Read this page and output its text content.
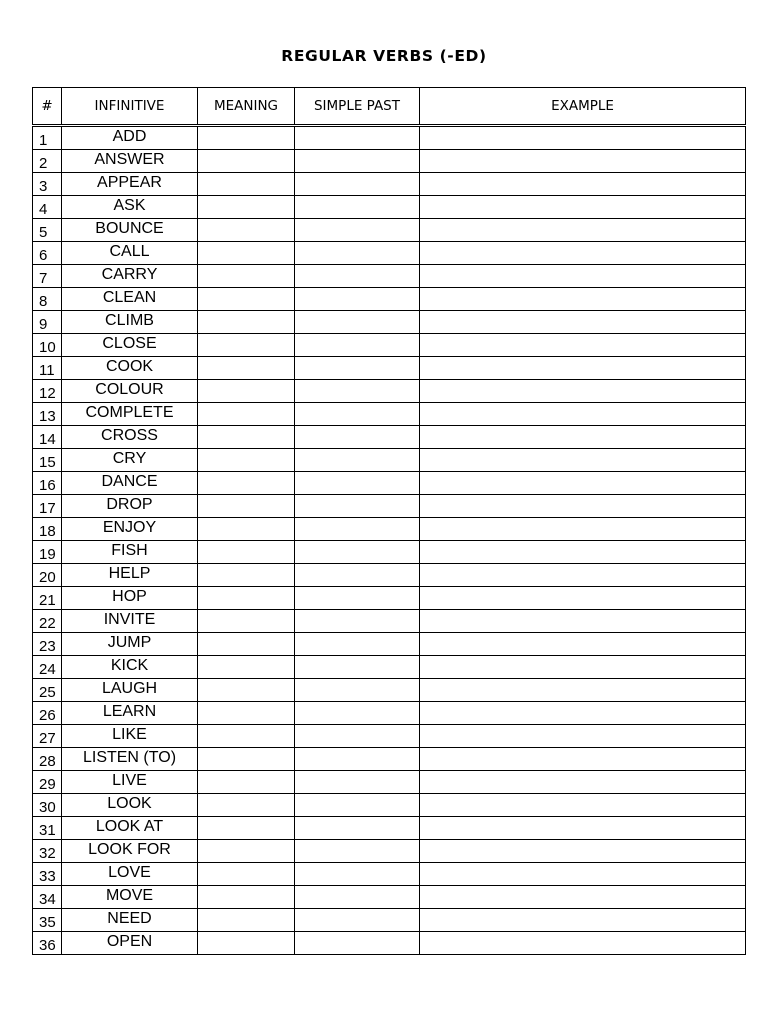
REGULAR VERBS (-ED)
#	INFINITIVE	MEANING	SIMPLE PAST	EXAMPLE
1	ADD			
2	ANSWER			
3	APPEAR			
4	ASK			
5	BOUNCE			
6	CALL			
7	CARRY			
8	CLEAN			
9	CLIMB			
10	CLOSE			
11	COOK			
12	COLOUR			
13	COMPLETE			
14	CROSS			
15	CRY			
16	DANCE			
17	DROP			
18	ENJOY			
19	FISH			
20	HELP			
21	HOP			
22	INVITE			
23	JUMP			
24	KICK			
25	LAUGH			
26	LEARN			
27	LIKE			
28	LISTEN (TO)			
29	LIVE			
30	LOOK			
31	LOOK AT			
32	LOOK FOR			
33	LOVE			
34	MOVE			
35	NEED			
36	OPEN			
